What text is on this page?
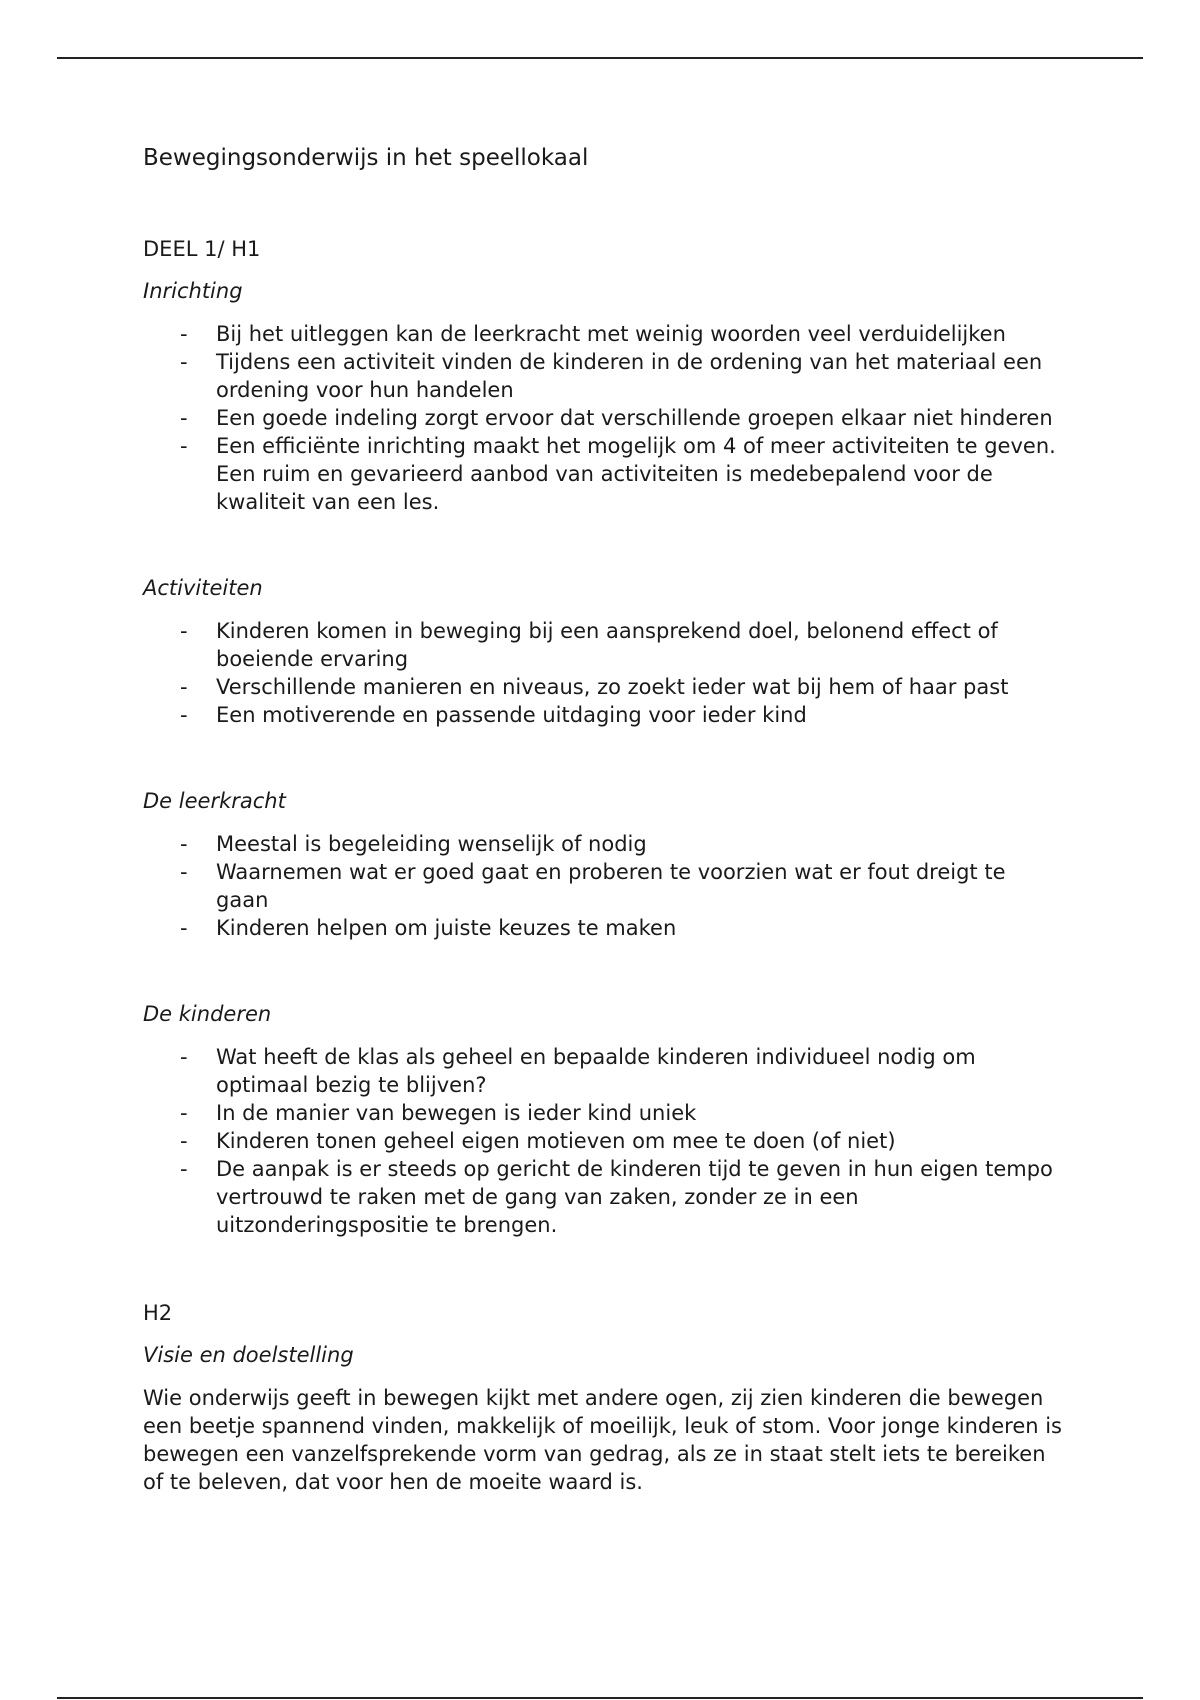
Bewegingsonderwijs in het speellokaal
DEEL 1/ H1
Inrichting
- Bij het uitleggen kan de leerkracht met weinig woorden veel verduidelijken
- Tijdens een activiteit vinden de kinderen in de ordening van het materiaal een ordening voor hun handelen
- Een goede indeling zorgt ervoor dat verschillende groepen elkaar niet hinderen
- Een efficiënte inrichting maakt het mogelijk om 4 of meer activiteiten te geven. Een ruim en gevarieerd aanbod van activiteiten is medebepalend voor de kwaliteit van een les.
Activiteiten
- Kinderen komen in beweging bij een aansprekend doel, belonend effect of boeiende ervaring
- Verschillende manieren en niveaus, zo zoekt ieder wat bij hem of haar past
- Een motiverende en passende uitdaging voor ieder kind
De leerkracht
- Meestal is begeleiding wenselijk of nodig
- Waarnemen wat er goed gaat en proberen te voorzien wat er fout dreigt te gaan
- Kinderen helpen om juiste keuzes te maken
De kinderen
- Wat heeft de klas als geheel en bepaalde kinderen individueel nodig om optimaal bezig te blijven?
- In de manier van bewegen is ieder kind uniek
- Kinderen tonen geheel eigen motieven om mee te doen (of niet)
- De aanpak is er steeds op gericht de kinderen tijd te geven in hun eigen tempo vertrouwd te raken met de gang van zaken, zonder ze in een uitzonderingspositie te brengen.
H2
Visie en doelstelling

Wie onderwijs geeft in bewegen kijkt met andere ogen, zij zien kinderen die bewegen een beetje spannend vinden, makkelijk of moeilijk, leuk of stom. Voor jonge kinderen is bewegen een vanzelfsprekende vorm van gedrag, als ze in staat stelt iets te bereiken of te beleven, dat voor hen de moeite waard is.
